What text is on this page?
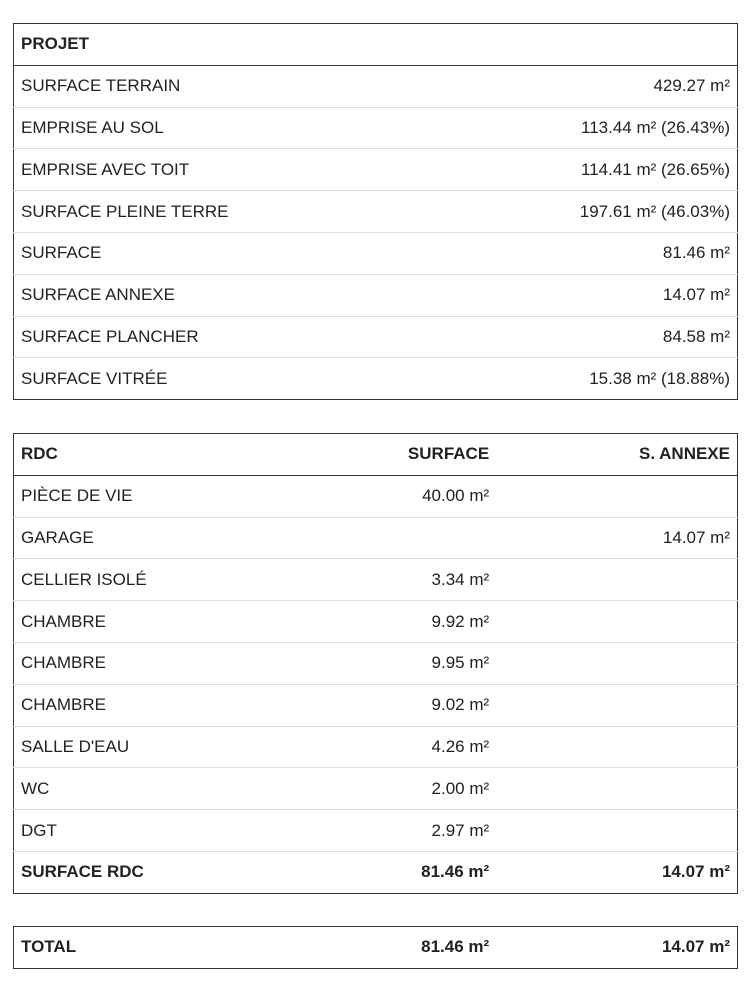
PROJET	
SURFACE TERRAIN	429.27 m²
EMPRISE AU SOL	113.44 m² (26.43%)
EMPRISE AVEC TOIT	114.41 m² (26.65%)
SURFACE PLEINE TERRE	197.61 m² (46.03%)
SURFACE	81.46 m²
SURFACE ANNEXE	14.07 m²
SURFACE PLANCHER	84.58 m²
SURFACE VITRÉE	15.38 m² (18.88%)
RDC	SURFACE	S. ANNEXE
PIÈCE DE VIE	40.00 m²	
GARAGE		14.07 m²
CELLIER ISOLÉ	3.34 m²	
CHAMBRE	9.92 m²	
CHAMBRE	9.95 m²	
CHAMBRE	9.02 m²	
SALLE D'EAU	4.26 m²	
WC	2.00 m²	
DGT	2.97 m²	
SURFACE RDC	81.46 m²	14.07 m²
TOTAL	81.46 m²	14.07 m²
